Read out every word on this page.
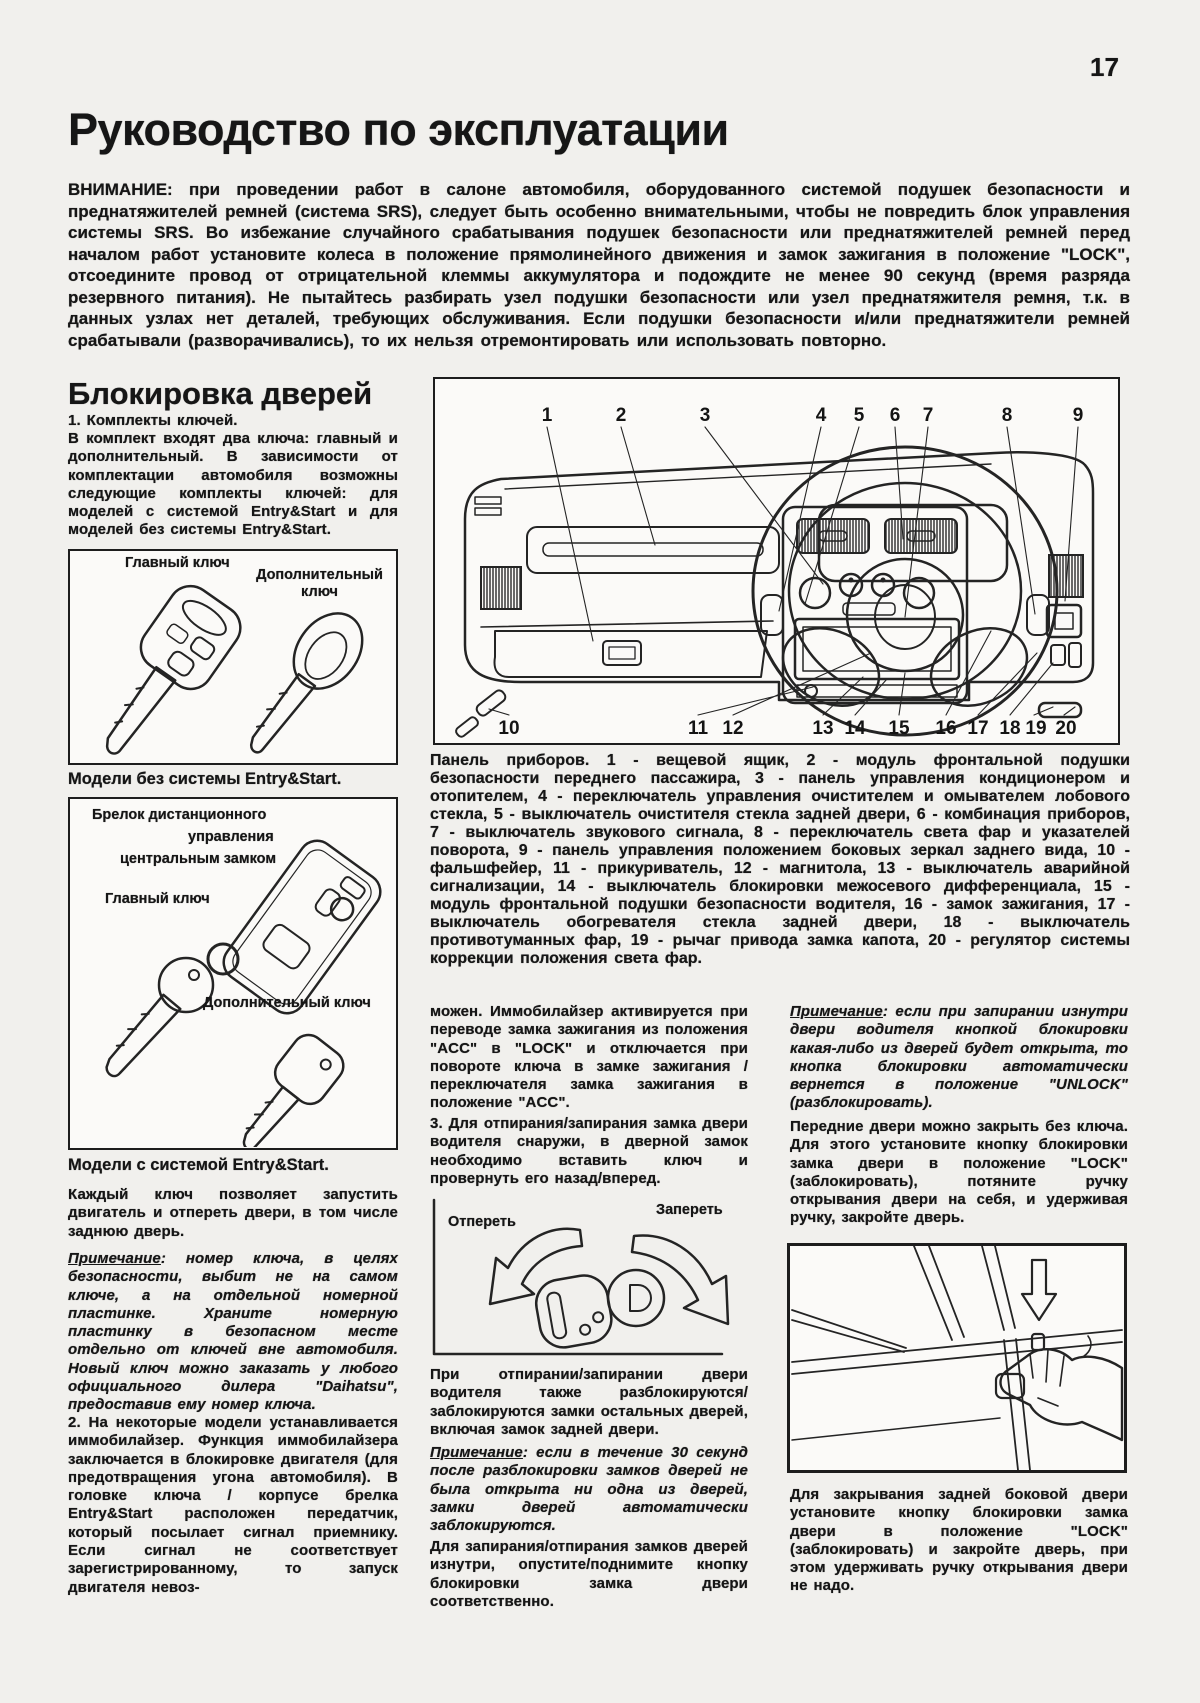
17
Руководство по эксплуатации
ВНИМАНИЕ: при проведении работ в салоне автомобиля, оборудованного системой подушек безопасности и преднатяжителей ремней (система SRS), следует быть особенно внимательными, чтобы не повредить блок управления системы SRS. Во избежание случайного срабатывания подушек безопасности или преднатяжителей ремней перед началом работ установите колеса в положение прямолинейного движения и замок зажигания в положение "LOCK", отсоедините провод от отрицательной клеммы аккумулятора и подождите не менее 90 секунд (время разряда резервного питания). Не пытайтесь разбирать узел подушки безопасности или узел преднатяжителя ремня, т.к. в данных узлах нет деталей, требующих обслуживания. Если подушки безопасности и/или преднатяжители ремней срабатывали (разворачивались), то их нельзя отремонтировать или использовать повторно.
Блокировка дверей
1. Комплекты ключей.
В комплект входят два ключа: главный и дополнительный. В зависимости от комплектации автомобиля возможны следующие комплекты ключей: для моделей с системой Entry&Start и для моделей без системы Entry&Start.
Главный ключ
Дополнительный ключ
Модели без системы Entry&Start.
Брелок дистанционного
управления
центральным замком
Главный ключ
Дополнительный ключ
Модели с системой Entry&Start.
Каждый ключ позволяет запустить двигатель и отпереть двери, в том числе заднюю дверь.
Примечание: номер ключа, в целях безопасности, выбит не на самом ключе, а на отдельной номерной пластинке. Храните номерную пластинку в безопасном месте отдельно от ключей вне автомобиля. Новый ключ можно заказать у любого официального дилера "Daihatsu", предоставив ему номер ключа.
2. На некоторые модели устанавливается иммобилайзер. Функция иммобилайзера заключается в блокировке двигателя (для предотвращения угона автомобиля). В головке ключа / корпусе брелка Entry&Start расположен передатчик, который посылает сигнал приемнику. Если сигнал не соответствует зарегистрированному, то запуск двигателя невоз-
1	2	3	4 5 6 7	8	9
10	11 12	13 14 15 16 17 18 19 20
Панель приборов. 1 - вещевой ящик, 2 - модуль фронтальной подушки безопасности переднего пассажира, 3 - панель управления кондиционером и отопителем, 4 - переключатель управления очистителем и омывателем лобового стекла, 5 - выключатель очистителя стекла задней двери, 6 - комбинация приборов, 7 - выключатель звукового сигнала, 8 - переключатель света фар и указателей поворота, 9 - панель управления положением боковых зеркал заднего вида, 10 - фальшфейер, 11 - прикуриватель, 12 - магнитола, 13 - выключатель аварийной сигнализации, 14 - выключатель блокировки межосевого дифференциала, 15 - модуль фронтальной подушки безопасности водителя, 16 - замок зажигания, 17 - выключатель обогревателя стекла задней двери, 18 - выключатель противотуманных фар, 19 - рычаг привода замка капота, 20 - регулятор системы коррекции положения света фар.
можен. Иммобилайзер активируется при переводе замка зажигания из положения "ACC" в "LOCK" и отключается при повороте ключа в замке зажигания / переключателя замка зажигания в положение "ACC".
3. Для отпирания/запирания замка двери водителя снаружи, в дверной замок необходимо вставить ключ и провернуть его назад/вперед.
Отпереть
Запереть
При отпирании/запирании двери водителя также разблокируются/заблокируются замки остальных дверей, включая замок задней двери.
Примечание: если в течение 30 секунд после разблокировки замков дверей не была открыта ни одна из дверей, замки дверей автоматически заблокируются.
Для запирания/отпирания замков дверей изнутри, опустите/поднимите кнопку блокировки замка двери соответственно.
Примечание: если при запирании изнутри двери водителя кнопкой блокировки какая-либо из дверей будет открыта, то кнопка блокировки автоматически вернется в положение "UNLOCK" (разблокировать).
Передние двери можно закрыть без ключа. Для этого установите кнопку блокировки замка двери в положение "LOCK" (заблокировать), потяните ручку открывания двери на себя, и удерживая ручку, закройте дверь.
Для закрывания задней боковой двери установите кнопку блокировки замка двери в положение "LOCK" (заблокировать) и закройте дверь, при этом удерживать ручку открывания двери не надо.
